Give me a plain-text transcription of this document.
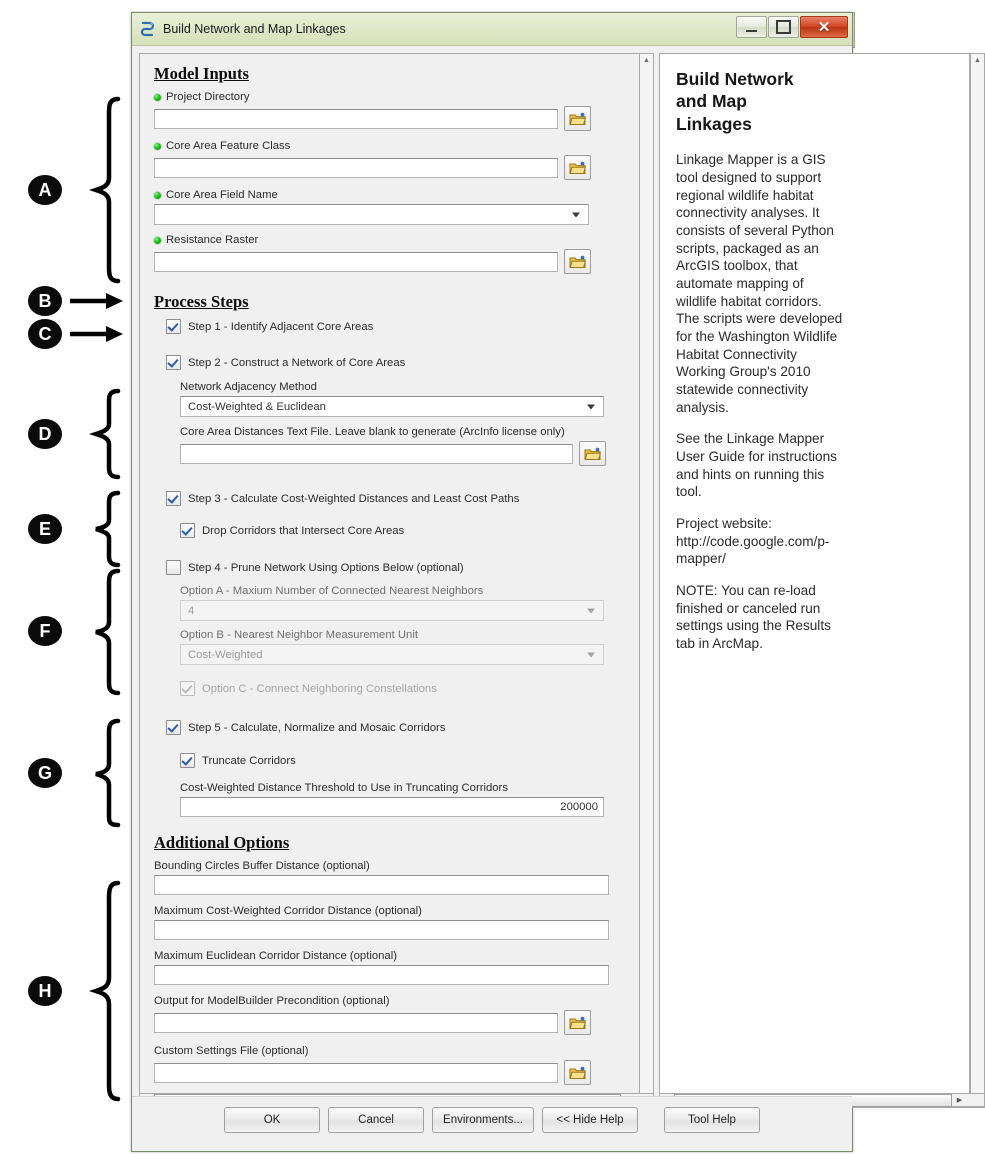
Build Network and Map Linkages	✕
Model Inputs
Project Directory
Core Area Feature Class
Core Area Field Name
Resistance Raster
Process Steps
Step 1 - Identify Adjacent Core Areas
Step 2 - Construct a Network of Core Areas
Network Adjacency Method
Cost-Weighted & Euclidean
Core Area Distances Text File. Leave blank to generate (ArcInfo license only)
Step 3 - Calculate Cost-Weighted Distances and Least Cost Paths
Drop Corridors that Intersect Core Areas
Step 4 - Prune Network Using Options Below (optional)
Option A - Maxium Number of Connected Nearest Neighbors
4
Option B - Nearest Neighbor Measurement Unit
Cost-Weighted
Option C - Connect Neighboring Constellations
Step 5 - Calculate, Normalize and Mosaic Corridors
Truncate Corridors
Cost-Weighted Distance Threshold to Use in Truncating Corridors
200000
Additional Options
Bounding Circles Buffer Distance (optional)
Maximum Cost-Weighted Corridor Distance (optional)
Maximum Euclidean Corridor Distance (optional)
Output for ModelBuilder Precondition (optional)
Custom Settings File (optional)
▲
Build Network and Map Linkages

Linkage Mapper is a GIS tool designed to support regional wildlife habitat connectivity analyses. It consists of several Python scripts, packaged as an ArcGIS toolbox, that automate mapping of wildlife habitat corridors. The scripts were developed for the Washington Wildlife Habitat Connectivity Working Group's 2010 statewide connectivity analysis.

See the Linkage Mapper User Guide for instructions and hints on running this tool.

Project website: http://code.google.com/p-mapper/

NOTE: You can re-load finished or canceled run settings using the Results tab in ArcMap.

▲
▶
OK	Cancel	Environments...	<< Hide Help	Tool Help
A
B
C
D
E
F
G
H
